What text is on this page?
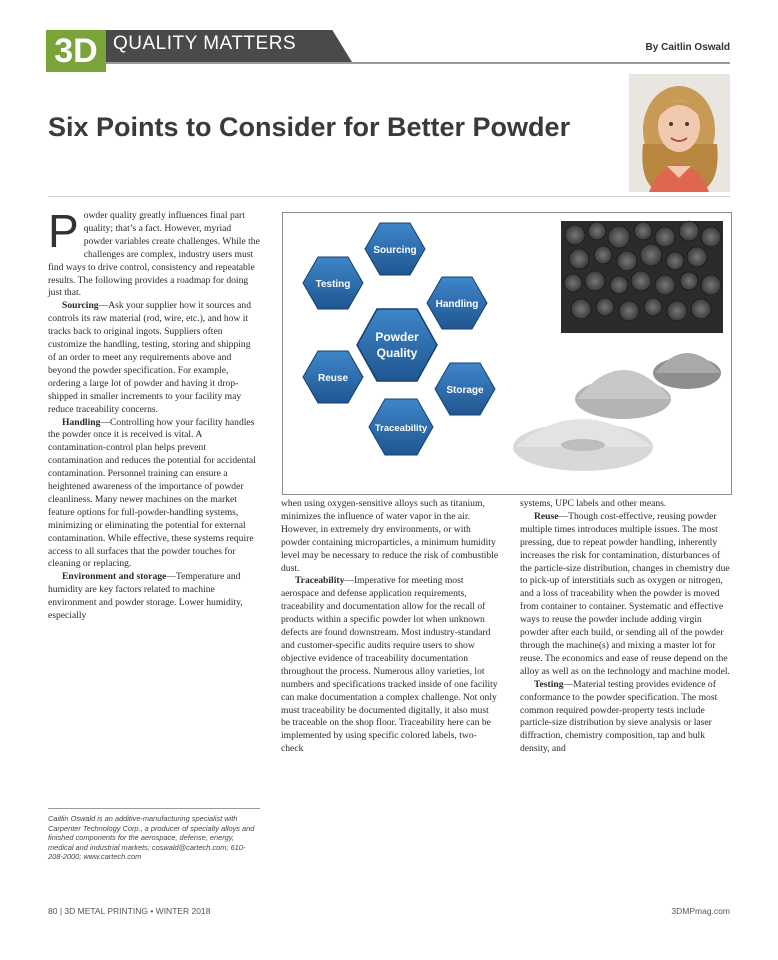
3D QUALITY MATTERS	By Caitlin Oswald
Six Points to Consider for Better Powder
Sourcing
Testing
Handling
Reuse
Storage
Traceability
Powder
Quality

Powder quality greatly influences final part quality; that’s a fact. However, myriad powder variables create challenges. While the challenges are complex, industry users must find ways to drive control, consistency and repeatable results. The following provides a roadmap for doing just that.

Sourcing—Ask your supplier how it sources and controls its raw material (rod, wire, etc.), and how it tracks back to original ingots. Suppliers often customize the handling, testing, storing and shipping of an order to meet any requirements above and beyond the powder specification. For example, ordering a large lot of powder and having it drop-shipped in smaller increments to your facility may reduce traceability concerns.

Handling—Controlling how your facility handles the powder once it is received is vital. A contamination-control plan helps prevent contamination and reduces the potential for accidental contamination. Personnel training can ensure a heightened awareness of the importance of powder cleanliness. Many newer machines on the market feature options for full-powder-handling systems, minimizing or eliminating the potential for external contamination. While effective, these systems require access to all surfaces that the powder touches for cleaning or replacing.

Environment and storage—Temperature and humidity are key factors related to machine environment and powder storage. Lower humidity, especially

when using oxygen-sensitive alloys such as titanium, minimizes the influence of water vapor in the air. However, in extremely dry environments, or with powder containing microparticles, a minimum humidity level may be necessary to reduce the risk of combustible dust.

Traceability—Imperative for meeting most aerospace and defense application requirements, traceability and documentation allow for the recall of products within a specific powder lot when unknown defects are found downstream. Most industry-standard and customer-specific audits require users to show objective evidence of traceability documentation throughout the process. Numerous alloy varieties, lot numbers and specifications tracked inside of one facility can make documentation a complex challenge. Not only must traceability be documented digitally, it also must be traceable on the shop floor. Traceability here can be implemented by using specific colored labels, two-check

systems, UPC labels and other means.

Reuse—Though cost-effective, reusing powder multiple times introduces multiple issues. The most pressing, due to repeat powder handling, inherently increases the risk for contamination, disturbances of the particle-size distribution, changes in chemistry due to pick-up of interstitials such as oxygen or nitrogen, and a loss of traceability when the powder is moved from container to container. Systematic and effective ways to reuse the powder include adding virgin powder after each build, or sending all of the powder through the machine(s) and mixing a master lot for reuse. The economics and ease of reuse depend on the alloy as well as on the technology and machine model.

Testing—Material testing provides evidence of conformance to the powder specification. The most common required powder-property tests include particle-size distribution by sieve analysis or laser diffraction, chemistry composition, tap and bulk density, and

Caitlin Oswald is an additive-manufacturing specialist with Carpenter Technology Corp., a producer of specialty alloys and finished components for the aerospace, defense, energy, medical and industrial markets; coswald@cartech.com; 610-208-2000; www.cartech.com
80 | 3D METAL PRINTING • WINTER 2018	3DMPmag.com
